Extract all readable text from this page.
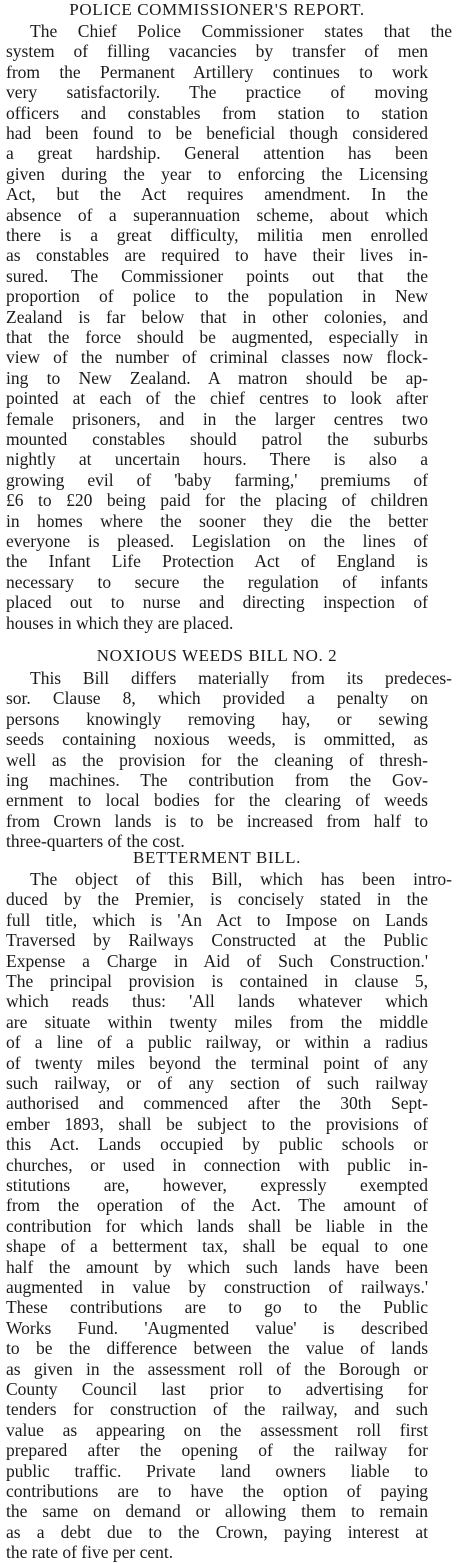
POLICE COMMISSIONER'S REPORT.
The Chief Police Commissioner states that the
system of filling vacancies by transfer of men
from the Permanent Artillery continues to work
very satisfactorily. The practice of moving
officers and constables from station to station
had been found to be beneficial though considered
a great hardship. General attention has been
given during the year to enforcing the Licensing
Act, but the Act requires amendment. In the
absence of a superannuation scheme, about which
there is a great difficulty, militia men enrolled
as constables are required to have their lives in-
sured. The Commissioner points out that the
proportion of police to the population in New
Zealand is far below that in other colonies, and
that the force should be augmented, especially in
view of the number of criminal classes now flock-
ing to New Zealand. A matron should be ap-
pointed at each of the chief centres to look after
female prisoners, and in the larger centres two
mounted constables should patrol the suburbs
nightly at uncertain hours. There is also a
growing evil of 'baby farming,' premiums of
£6 to £20 being paid for the placing of children
in homes where the sooner they die the better
everyone is pleased. Legislation on the lines of
the Infant Life Protection Act of England is
necessary to secure the regulation of infants
placed out to nurse and directing inspection of
houses in which they are placed.
NOXIOUS WEEDS BILL NO. 2
This Bill differs materially from its predeces-
sor. Clause 8, which provided a penalty on
persons knowingly removing hay, or sewing
seeds containing noxious weeds, is ommitted, as
well as the provision for the cleaning of thresh-
ing machines. The contribution from the Gov-
ernment to local bodies for the clearing of weeds
from Crown lands is to be increased from half to
three-quarters of the cost.
BETTERMENT BILL.
The object of this Bill, which has been intro-
duced by the Premier, is concisely stated in the
full title, which is 'An Act to Impose on Lands
Traversed by Railways Constructed at the Public
Expense a Charge in Aid of Such Construction.'
The principal provision is contained in clause 5,
which reads thus: 'All lands whatever which
are situate within twenty miles from the middle
of a line of a public railway, or within a radius
of twenty miles beyond the terminal point of any
such railway, or of any section of such railway
authorised and commenced after the 30th Sept-
ember 1893, shall be subject to the provisions of
this Act. Lands occupied by public schools or
churches, or used in connection with public in-
stitutions are, however, expressly exempted
from the operation of the Act. The amount of
contribution for which lands shall be liable in the
shape of a betterment tax, shall be equal to one
half the amount by which such lands have been
augmented in value by construction of railways.'
These contributions are to go to the Public
Works Fund. 'Augmented value' is described
to be the difference between the value of lands
as given in the assessment roll of the Borough or
County Council last prior to advertising for
tenders for construction of the railway, and such
value as appearing on the assessment roll first
prepared after the opening of the railway for
public traffic. Private land owners liable to
contributions are to have the option of paying
the same on demand or allowing them to remain
as a debt due to the Crown, paying interest at
the rate of five per cent.
